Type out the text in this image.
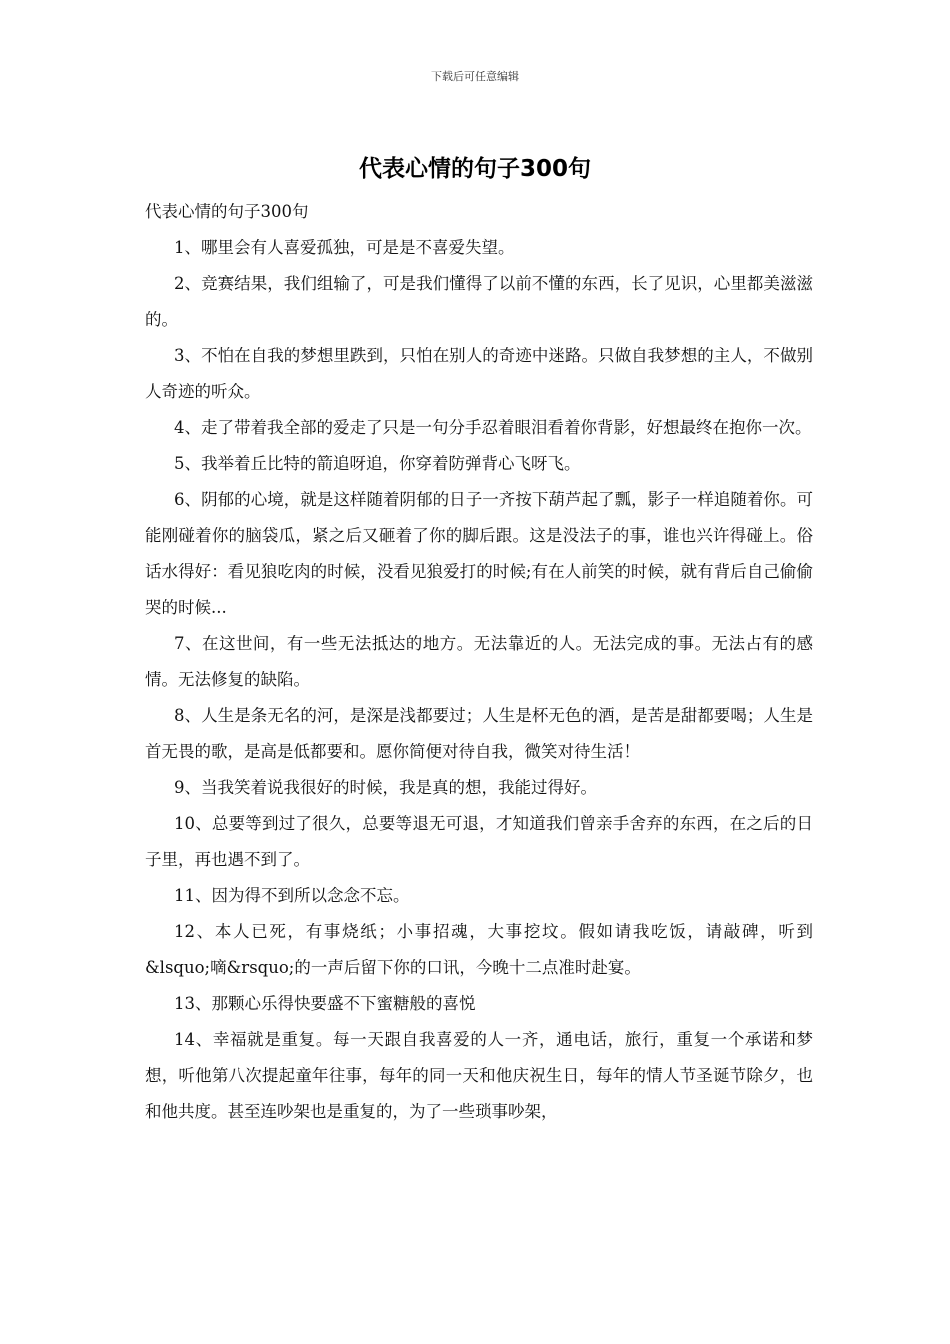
下载后可任意编辑
代表心情的句子300句

代表心情的句子300句

1、哪里会有人喜爱孤独，可是是不喜爱失望。

2、竞赛结果，我们组输了，可是我们懂得了以前不懂的东西，长了见识，心里都美滋滋的。

3、不怕在自我的梦想里跌到，只怕在别人的奇迹中迷路。只做自我梦想的主人，不做别人奇迹的听众。

4、走了带着我全部的爱走了只是一句分手忍着眼泪看着你背影，好想最终在抱你一次。

5、我举着丘比特的箭追呀追，你穿着防弹背心飞呀飞。

6、阴郁的心境，就是这样随着阴郁的日子一齐按下葫芦起了瓢，影子一样追随着你。可能刚碰着你的脑袋瓜，紧之后又砸着了你的脚后跟。这是没法子的事，谁也兴许得碰上。俗话水得好：看见狼吃肉的时候，没看见狼爱打的时候;有在人前笑的时候，就有背后自己偷偷哭的时候...

7、在这世间，有一些无法抵达的地方。无法靠近的人。无法完成的事。无法占有的感情。无法修复的缺陷。

8、人生是条无名的河，是深是浅都要过；人生是杯无色的酒，是苦是甜都要喝；人生是首无畏的歌，是高是低都要和。愿你简便对待自我，微笑对待生活！

9、当我笑着说我很好的时候，我是真的想，我能过得好。

10、总要等到过了很久，总要等退无可退，才知道我们曾亲手舍弃的东西，在之后的日子里，再也遇不到了。

11、因为得不到所以念念不忘。

12、本人已死，有事烧纸；小事招魂，大事挖坟。假如请我吃饭，请敲碑，听到&lsquo;嘀&rsquo;的一声后留下你的口讯，今晚十二点准时赴宴。

13、那颗心乐得快要盛不下蜜糖般的喜悦

14、幸福就是重复。每一天跟自我喜爱的人一齐，通电话，旅行，重复一个承诺和梦想，听他第八次提起童年往事，每年的同一天和他庆祝生日，每年的情人节圣诞节除夕，也和他共度。甚至连吵架也是重复的，为了一些琐事吵架，
